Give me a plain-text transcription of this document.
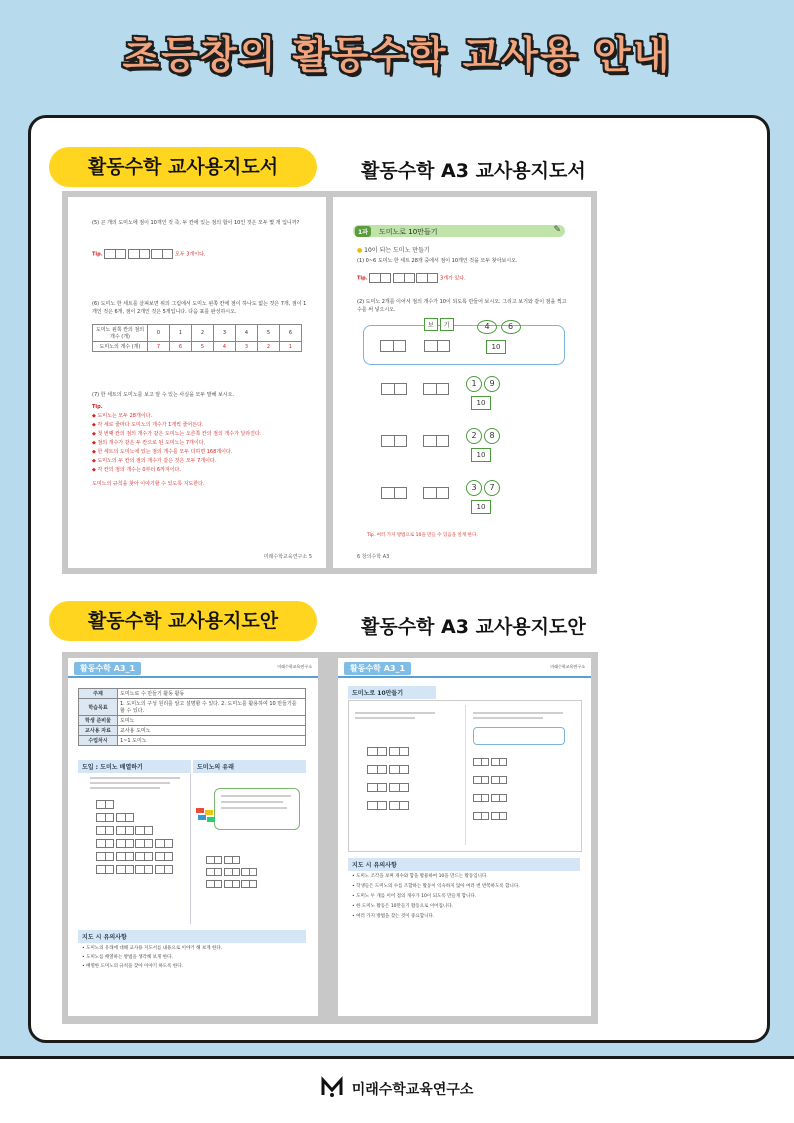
초등창의 활동수학 교사용 안내
활동수학 교사용지도서	활동수학 A3 교사용지도서
(5) 곤 개의 도미노에 점이 10개인 것 즉, 두 칸에 있는 점의 합이 10인 것은 모두 몇 개 입니까?
Tip.	모두 3개이다.
(6) 도미노 한 세트를 살펴보면 위의 그림에서 도미노 왼쪽 칸에 점이 하나도 없는 것은 7개, 점이 1개인 것은 6개, 점이 2개인 것은 5개입니다. 다음 표를 완성하시오.
도미노 왼쪽 칸의 점의 개수 (개)	0	1	2	3	4	5	6
도미노의 개수 (개)	7	6	5	4	3	2	1
(7) 한 세트의 도미노를 보고 알 수 있는 사실을 모두 말해 보시오.
Tip.
◆ 도미노는 모두 28개이다.
◆ 각 세로 줄마다 도미노의 개수가 1개씩 줄어든다.
◆ 첫 번째 칸의 점의 개수가 같은 도미노는 오른쪽 칸의 점의 개수가 달라진다.
◆ 점의 개수가 같은 두 칸으로 된 도미노는 7개이다.
◆ 한 세트의 도미노에 있는 점의 개수를 모두 더하면 168개이다.
◆ 도미노의 두 칸의 점의 개수가 같은 것은 모두 7개이다.
◆ 각 칸의 점의 개수는 0부터 6까지이다.
도미노의 규칙을 찾아 이야기할 수 있도록 지도한다.
미래수학교육연구소 5
1과	도미노로 10만들기	✎
● 10이 되는 도미노 만들기
(1) 0~6 도미노 한 세트 28개 중에서 점이 10개인 것을 모두 찾아보시오.
Tip.	3개가 있다.
(2) 도미노 2개를 이어서 점의 개수가 10이 되도록 만들어 보시오. 그리고 보기와 같이 점을 찍고 수를 써 넣으시오.
보 기	4 6
10

1 9
10

2 8
10

3 7
10
Tip. 여러 가지 방법으로 10을 만들 수 있음을 알게 한다.
6 창의수학 A3
활동수학 교사용지도안	활동수학 A3 교사용지도안
활동수학 A3_1	미래수학교육연구소
주제	도미노로 수 만들기 활동 활동
학습목표	1. 도미노의 구성 원리를 알고 설명할 수 있다. 2. 도미노를 활용하여 10 만들기를 할 수 있다.
학생 준비물	도미노
교사용 자료	교사용 도미노
수업차시	1~1 도미노
도입 : 도미노 배열하기	도미노의 유래

지도 시 유의사항
• 도미노의 유래에 대해 교사용 지도서를 내용으로 이야기 해 보게 한다.
• 도미노를 배열하는 방법을 생각해 보게 한다.
• 배열한 도미노의 규칙을 찾아 이야기 하도록 한다.
활동수학 A3_1	미래수학교육연구소
도미노로 10만들기

지도 시 유의사항
• 도미노 조각을 보며 개수와 합을 활용하여 10을 만드는 활동입니다.
• 학생들은 도미노의 수를 조합하는 활동이 익숙하지 않아 여러 번 반복하도록 합니다.
• 도미노 두 개를 이어 점의 개수가 10이 되도록 만들게 합니다.
• 한 도미노 활동은 10만들기 활동으로 이어집니다.
• 여러 가지 방법을 찾는 것이 중요합니다.
미래수학교육연구소
